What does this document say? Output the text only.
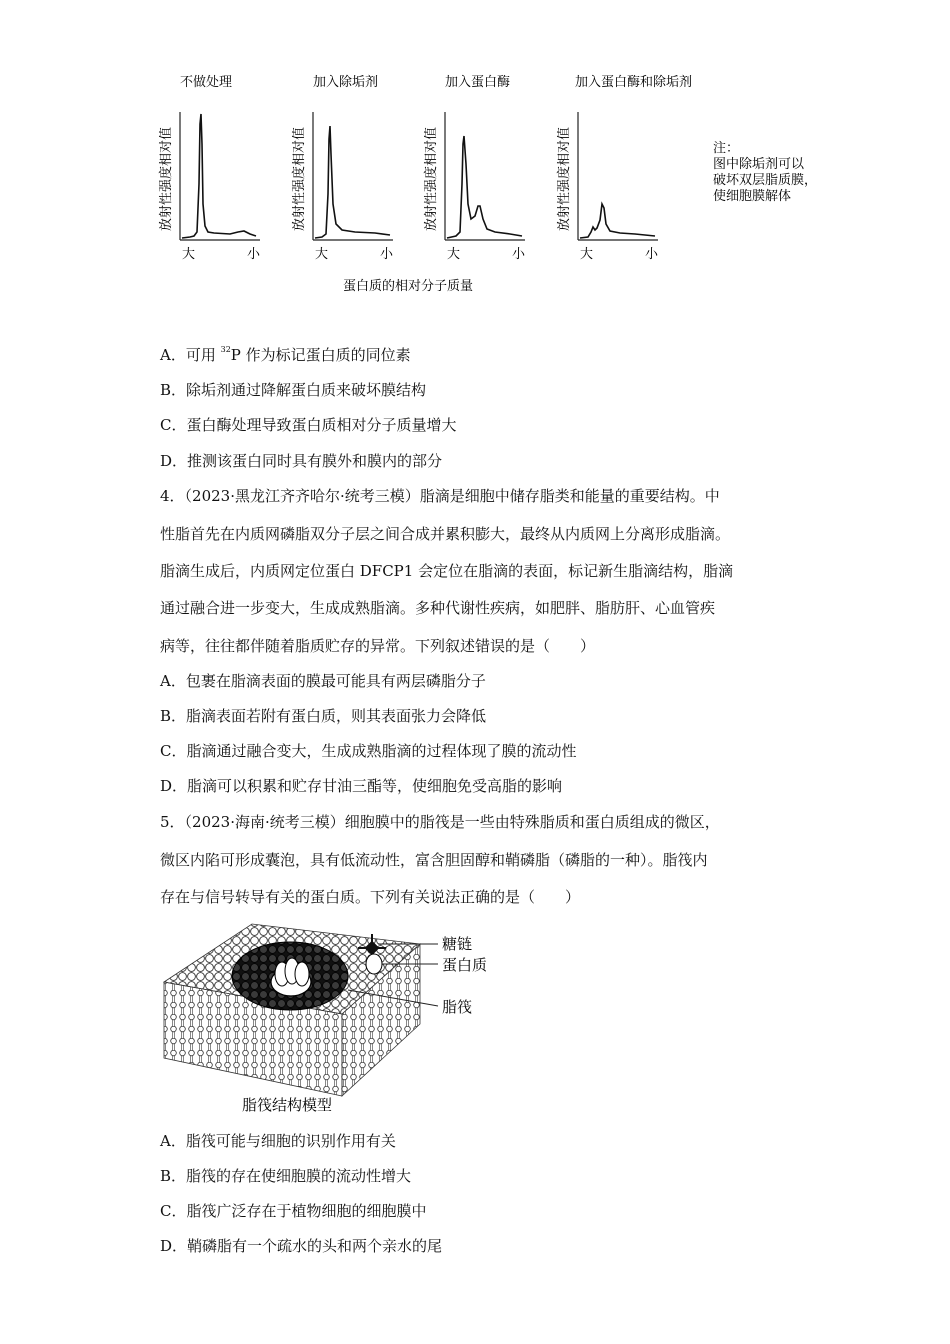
不做处理
放射性强度相对值
大	小
加入除垢剂
放射性强度相对值
大	小
加入蛋白酶
放射性强度相对值
大	小
加入蛋白酶和除垢剂
放射性强度相对值
大	小
蛋白质的相对分子质量
注：
图中除垢剂可以
破坏双层脂质膜，
使细胞膜解体
A．可用 $^{32}$P 作为标记蛋白质的同位素
B．除垢剂通过降解蛋白质来破坏膜结构
C．蛋白酶处理导致蛋白质相对分子质量增大
D．推测该蛋白同时具有膜外和膜内的部分
4．（2023·黑龙江齐齐哈尔·统考三模）脂滴是细胞中储存脂类和能量的重要结构。中
性脂首先在内质网磷脂双分子层之间合成并累积膨大，最终从内质网上分离形成脂滴。
脂滴生成后，内质网定位蛋白 DFCP1 会定位在脂滴的表面，标记新生脂滴结构，脂滴
通过融合进一步变大，生成成熟脂滴。多种代谢性疾病，如肥胖、脂肪肝、心血管疾
病等，往往都伴随着脂质贮存的异常。下列叙述错误的是（　　）
A．包裹在脂滴表面的膜最可能具有两层磷脂分子
B．脂滴表面若附有蛋白质，则其表面张力会降低
C．脂滴通过融合变大，生成成熟脂滴的过程体现了膜的流动性
D．脂滴可以积累和贮存甘油三酯等，使细胞免受高脂的影响
5．（2023·海南·统考三模）细胞膜中的脂筏是一些由特殊脂质和蛋白质组成的微区，
微区内陷可形成囊泡，具有低流动性，富含胆固醇和鞘磷脂（磷脂的一种）。脂筏内
存在与信号转导有关的蛋白质。下列有关说法正确的是（　　）
糖链
蛋白质
脂筏
脂筏结构模型
A．脂筏可能与细胞的识别作用有关
B．脂筏的存在使细胞膜的流动性增大
C．脂筏广泛存在于植物细胞的细胞膜中
D．鞘磷脂有一个疏水的头和两个亲水的尾
